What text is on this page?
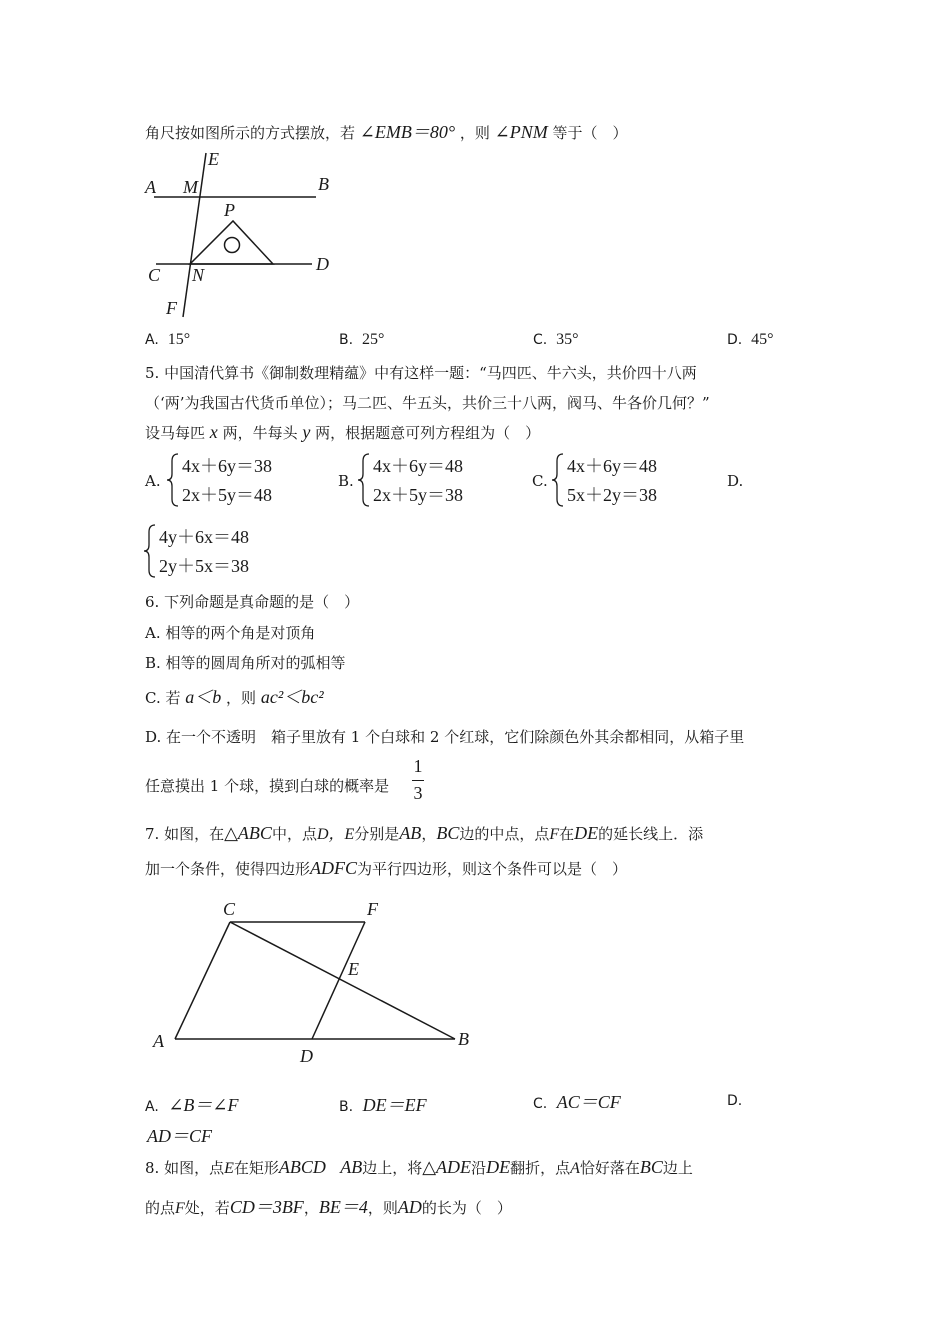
角尺按如图所示的方式摆放，若 ∠EMB＝80° ，则 ∠PNM 等于（　）
E
A M	B
P
C N
D
F
A. 15°	B. 25°	C. 35°	D. 45°
5. 中国清代算书《御制数理精蕴》中有这样一题：“马四匹、牛六头，共价四十八两
（‘两’为我国古代货币单位）；马二匹、牛五头，共价三十八两，阀马、牛各价几何？”
设马每匹 x 两，牛每头 y 两，根据题意可列方程组为（　）
A.
4x＋6y＝38
2x＋5y＝48
B.
4x＋6y＝48
2x＋5y＝38
C.
4x＋6y＝48
5x＋2y＝38
D.
4y＋6x＝48
2y＋5x＝38
6. 下列命题是真命题的是（　）
A. 相等的两个角是对顶角
B. 相等的圆周角所对的弧相等
C. 若 a＜b ，则 ac²＜bc²
D. 在一个不透明　箱子里放有 1 个白球和 2 个红球，它们除颜色外其余都相同，从箱子里
任意摸出 1 个球，摸到白球的概率是
1
3
7. 如图，在△ABC中，点D，E分别是AB，BC边的中点，点F在DE的延长线上．添
加一个条件，使得四边形ADFC为平行四边形，则这个条件可以是（　）
C	F
E
A
D
B
A. ∠B＝∠F	B. DE＝EF	C. AC＝CF	D.
AD＝CF
8. 如图，点E在矩形ABCD AB边上，将△ADE沿DE翻折，点A恰好落在BC边上
的点F处，若CD＝3BF，BE＝4，则AD的长为（　）
